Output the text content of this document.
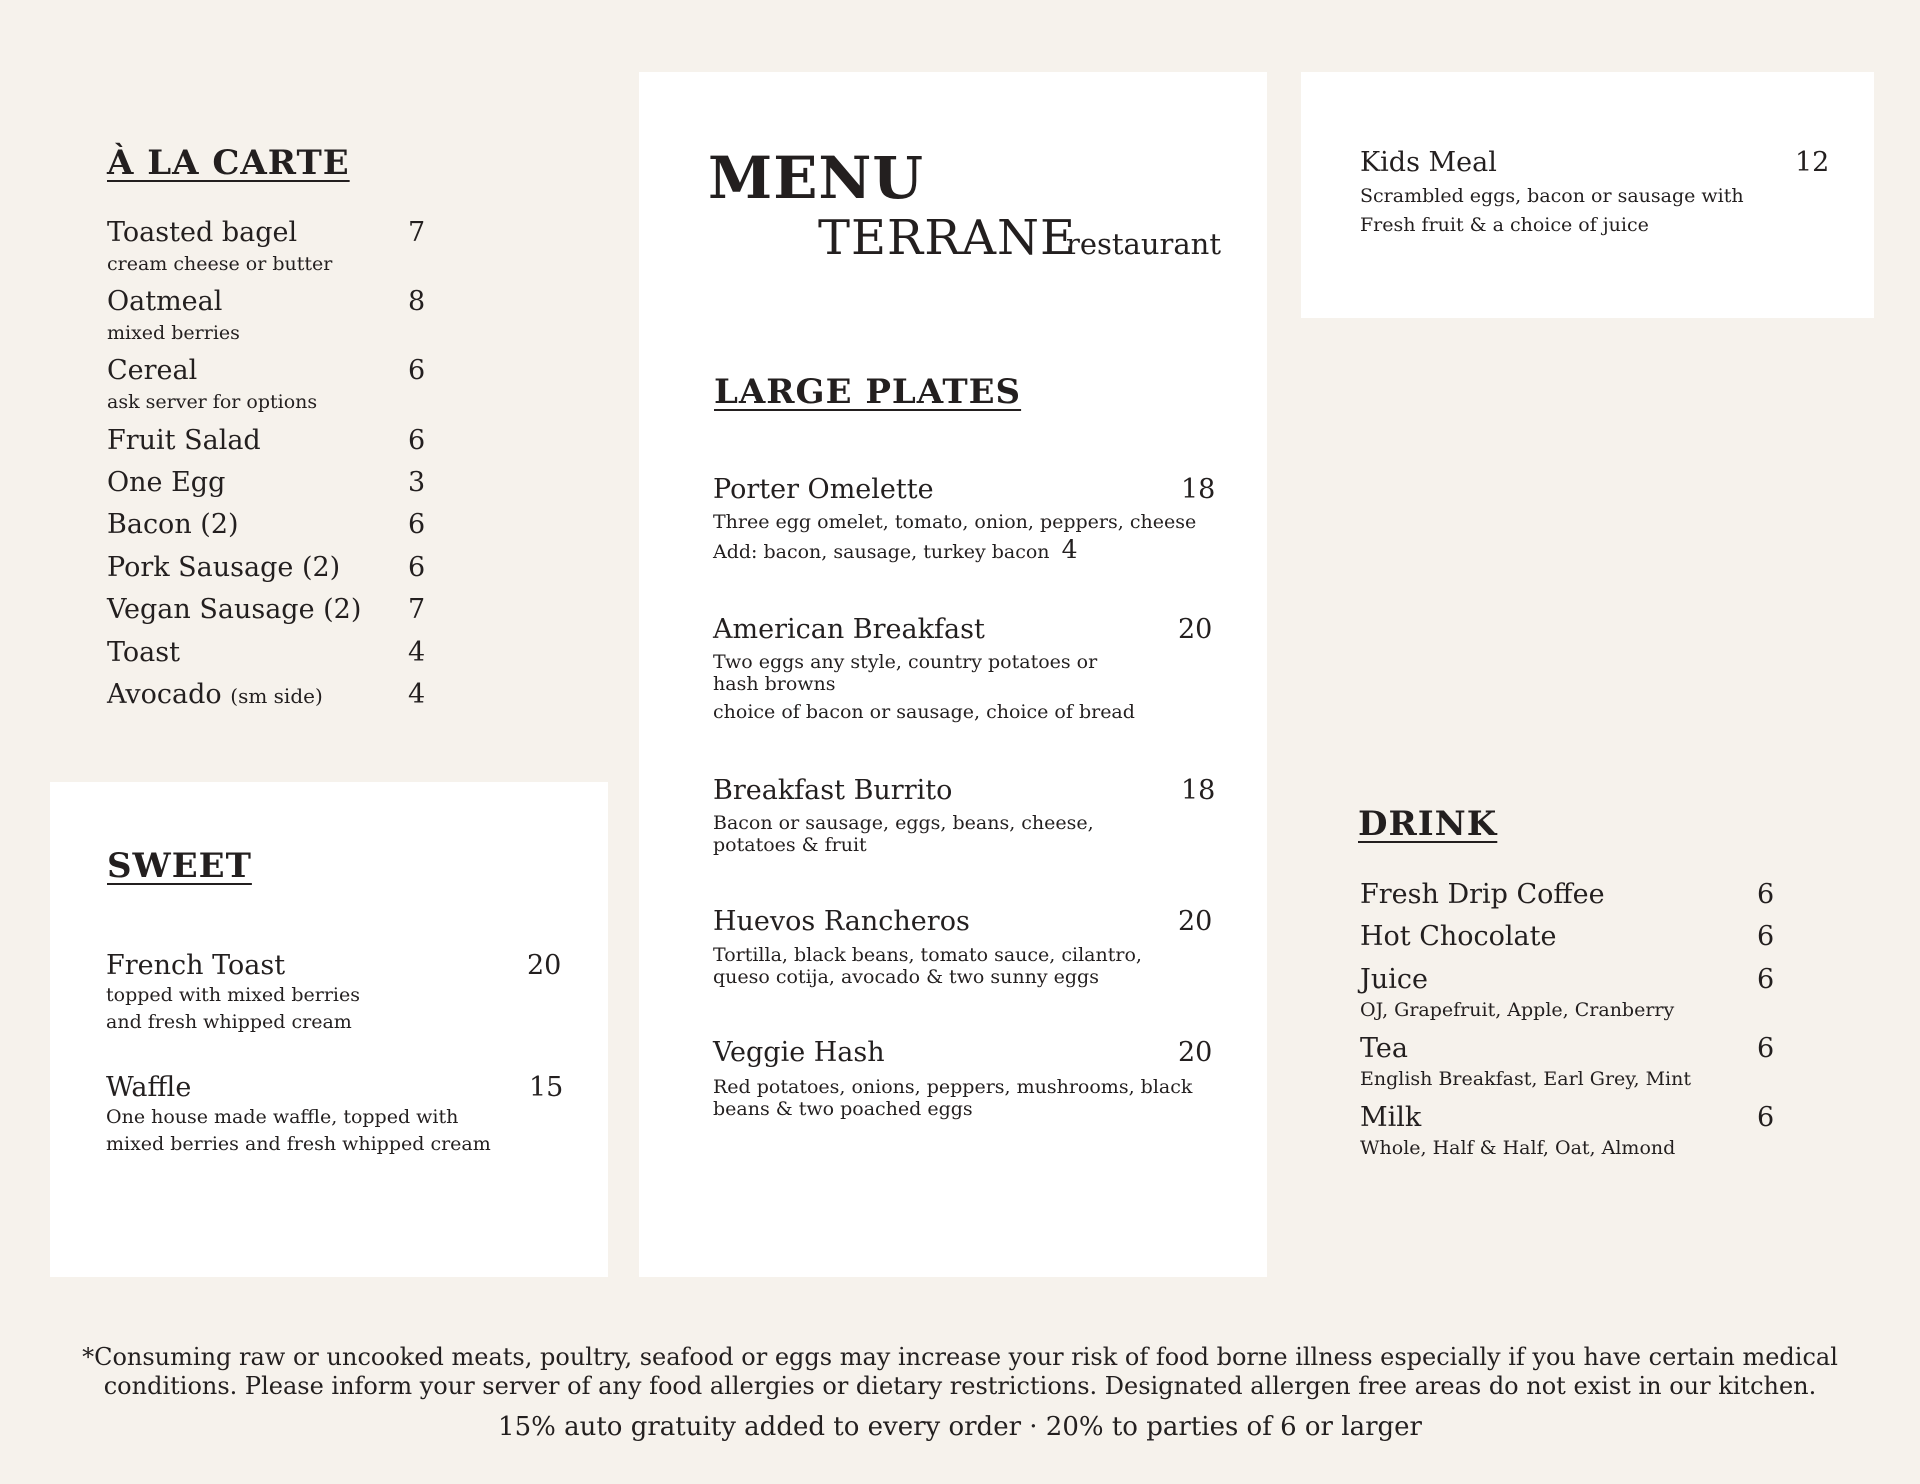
À LA CARTE
Toasted bagel	7
cream cheese or butter
Oatmeal	8
mixed berries
Cereal	6
ask server for options
Fruit Salad	6
One Egg	3
Bacon (2)	6
Pork Sausage (2)	6
Vegan Sausage (2) 7
Toast	4
Avocado (sm side)	4
SWEET
French Toast	20
topped with mixed berries
and fresh whipped cream
Waffle	15
One house made waffle, topped with
mixed berries and fresh whipped cream
MENU
TERRANE
restaurant
LARGE PLATES
Porter Omelette	18
Three egg omelet, tomato, onion, peppers, cheese
Add: bacon, sausage, turkey bacon 4
American Breakfast	20
Two eggs any style, country potatoes or
hash browns
choice of bacon or sausage, choice of bread
Breakfast Burrito	18
Bacon or sausage, eggs, beans, cheese,
potatoes & fruit
Huevos Rancheros	20
Tortilla, black beans, tomato sauce, cilantro,
queso cotija, avocado & two sunny eggs
Veggie Hash	20
Red potatoes, onions, peppers, mushrooms, black
beans & two poached eggs
Kids Meal	12
Scrambled eggs, bacon or sausage with
Fresh fruit & a choice of juice
DRINK
Fresh Drip Coffee	6
Hot Chocolate	6
Juice	6
OJ, Grapefruit, Apple, Cranberry
Tea	6
English Breakfast, Earl Grey, Mint
Milk	6
Whole, Half & Half, Oat, Almond
*Consuming raw or uncooked meats, poultry, seafood or eggs may increase your risk of food borne illness especially if you have certain medical
conditions. Please inform your server of any food allergies or dietary restrictions. Designated allergen free areas do not exist in our kitchen.
15% auto gratuity added to every order · 20% to parties of 6 or larger
